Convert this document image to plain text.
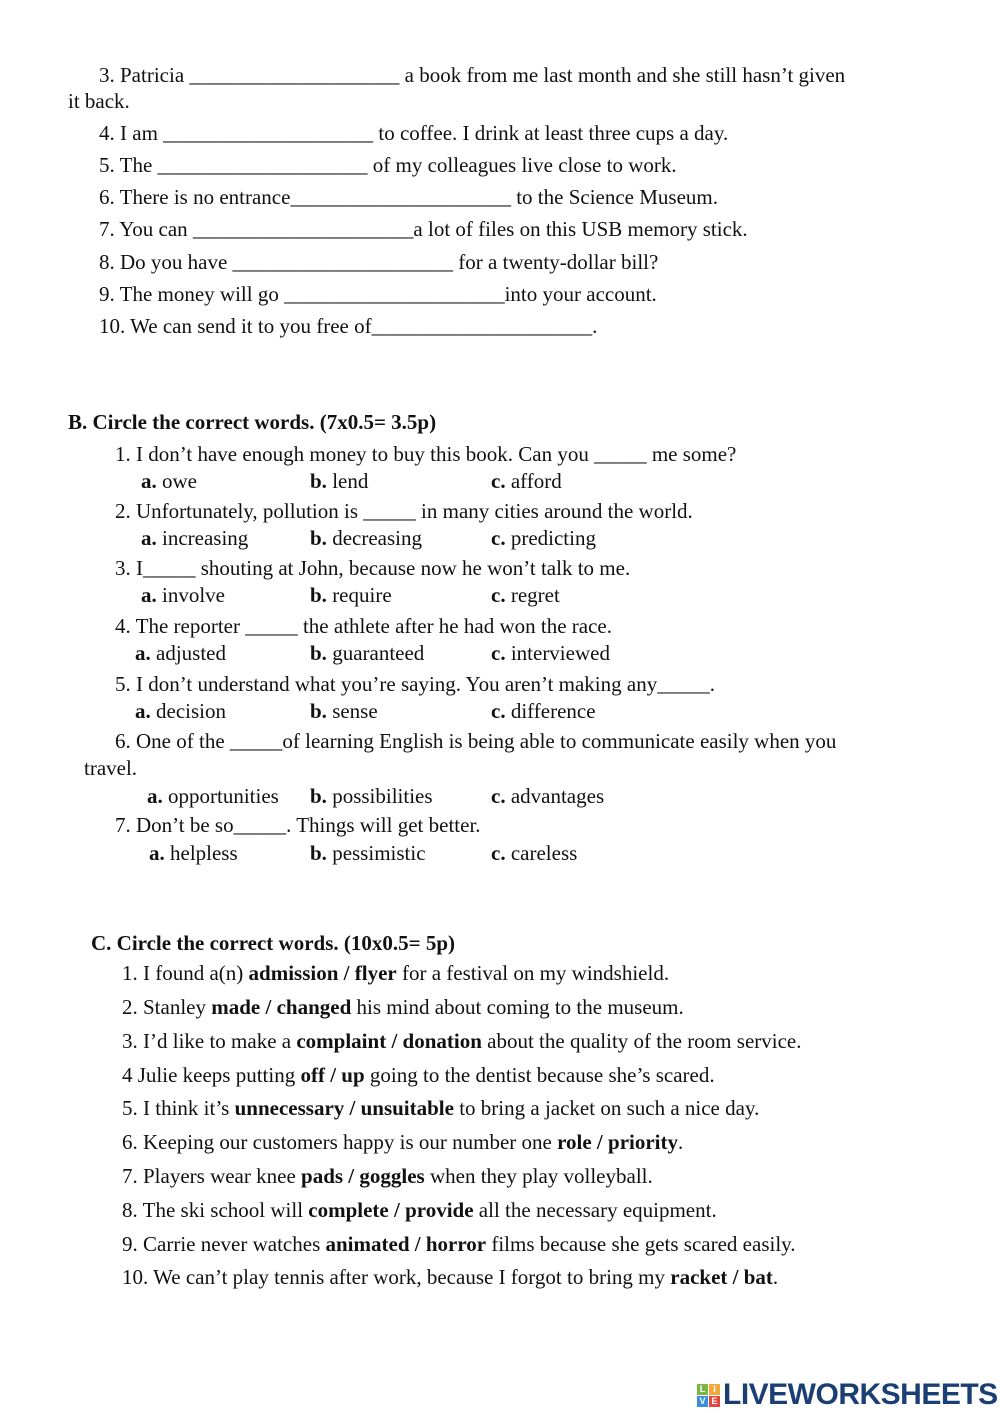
3. Patricia ____________________ a book from me last month and she still hasn’t given
it back.
4. I am ____________________ to coffee. I drink at least three cups a day.
5. The ____________________ of my colleagues live close to work.
6. There is no entrance_____________________ to the Science Museum.
7. You can _____________________a lot of files on this USB memory stick.
8. Do you have _____________________ for a twenty-dollar bill?
9. The money will go _____________________into your account.
10. We can send it to you free of_____________________.
B. Circle the correct words. (7x0.5= 3.5p)
1. I don’t have enough money to buy this book. Can you _____ me some?
a. owe	b. lend	c. afford
2. Unfortunately, pollution is _____ in many cities around the world.
a. increasing	b. decreasing	c. predicting
3. I_____ shouting at John, because now he won’t talk to me.
a. involve	b. require	c. regret
4. The reporter _____ the athlete after he had won the race.
a. adjusted	b. guaranteed	c. interviewed
5. I don’t understand what you’re saying. You aren’t making any_____.
a. decision	b. sense	c. difference
6. One of the _____of learning English is being able to communicate easily when you
travel.
a. opportunities b. possibilities	c. advantages
7. Don’t be so_____. Things will get better.
a. helpless	b. pessimistic	c. careless
C. Circle the correct words. (10x0.5= 5p)
1. I found a(n) admission / flyer for a festival on my windshield.
2. Stanley made / changed his mind about coming to the museum.
3. I’d like to make a complaint / donation about the quality of the room service.
4 Julie keeps putting off / up going to the dentist because she’s scared.
5. I think it’s unnecessary / unsuitable to bring a jacket on such a nice day.
6. Keeping our customers happy is our number one role / priority.
7. Players wear knee pads / goggles when they play volleyball.
8. The ski school will complete / provide all the necessary equipment.
9. Carrie never watches animated / horror films because she gets scared easily.
10. We can’t play tennis after work, because I forgot to bring my racket / bat.
L I
V E LIVEWORKSHEETS
